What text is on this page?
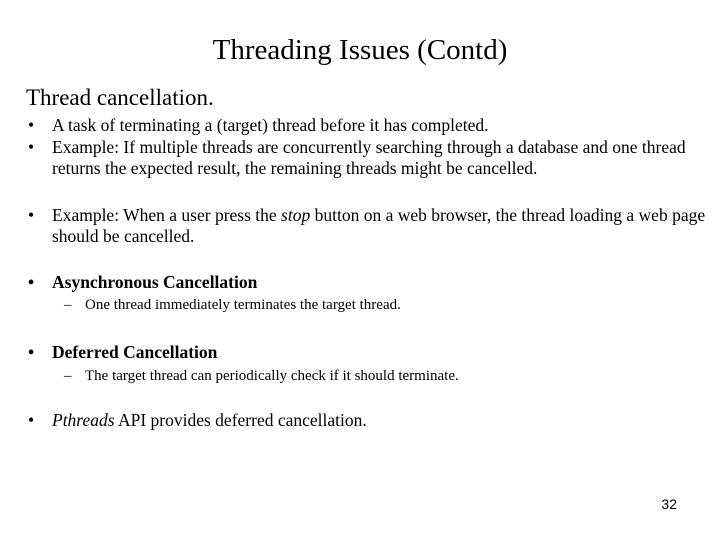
Threading Issues (Contd)
Thread cancellation.
• A task of terminating a (target) thread before it has completed.
• Example: If multiple threads are concurrently searching through a database and one thread returns the expected result, the remaining threads might be cancelled.
• Example: When a user press the stop button on a web browser, the thread loading a web page should be cancelled.
• Asynchronous Cancellation
– One thread immediately terminates the target thread.
• Deferred Cancellation
– The target thread can periodically check if it should terminate.
• Pthreads API provides deferred cancellation.
32
